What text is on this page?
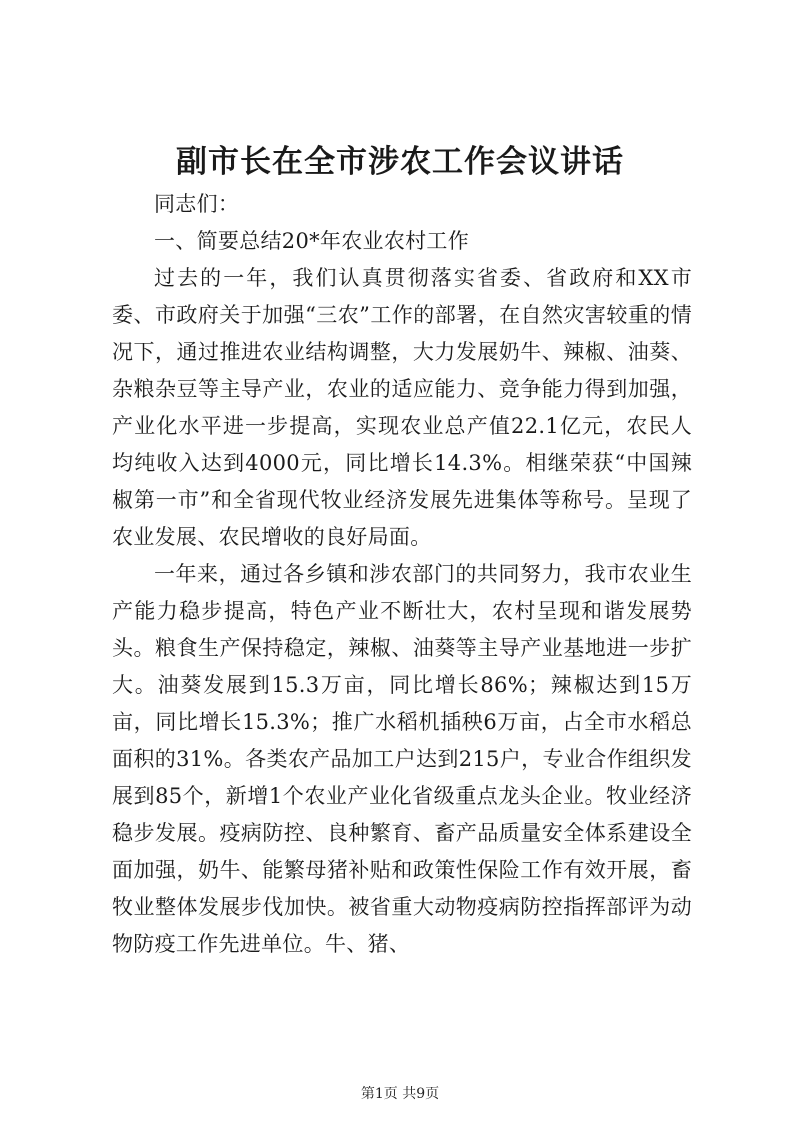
副市长在全市涉农工作会议讲话

同志们：

一、简要总结20*年农业农村工作

过去的一年，我们认真贯彻落实省委、省政府和XX市委、市政府关于加强“三农”工作的部署，在自然灾害较重的情况下，通过推进农业结构调整，大力发展奶牛、辣椒、油葵、杂粮杂豆等主导产业，农业的适应能力、竞争能力得到加强，产业化水平进一步提高，实现农业总产值22.1亿元，农民人均纯收入达到4000元，同比增长14.3%。相继荣获“中国辣椒第一市”和全省现代牧业经济发展先进集体等称号。呈现了农业发展、农民增收的良好局面。

一年来，通过各乡镇和涉农部门的共同努力，我市农业生产能力稳步提高，特色产业不断壮大，农村呈现和谐发展势头。粮食生产保持稳定，辣椒、油葵等主导产业基地进一步扩大。油葵发展到15.3万亩，同比增长86%；辣椒达到15万亩，同比增长15.3%；推广水稻机插秧6万亩，占全市水稻总面积的31%。各类农产品加工户达到215户，专业合作组织发展到85个，新增1个农业产业化省级重点龙头企业。牧业经济稳步发展。疫病防控、良种繁育、畜产品质量安全体系建设全面加强，奶牛、能繁母猪补贴和政策性保险工作有效开展，畜牧业整体发展步伐加快。被省重大动物疫病防控指挥部评为动物防疫工作先进单位。牛、猪、

第1页 共9页
